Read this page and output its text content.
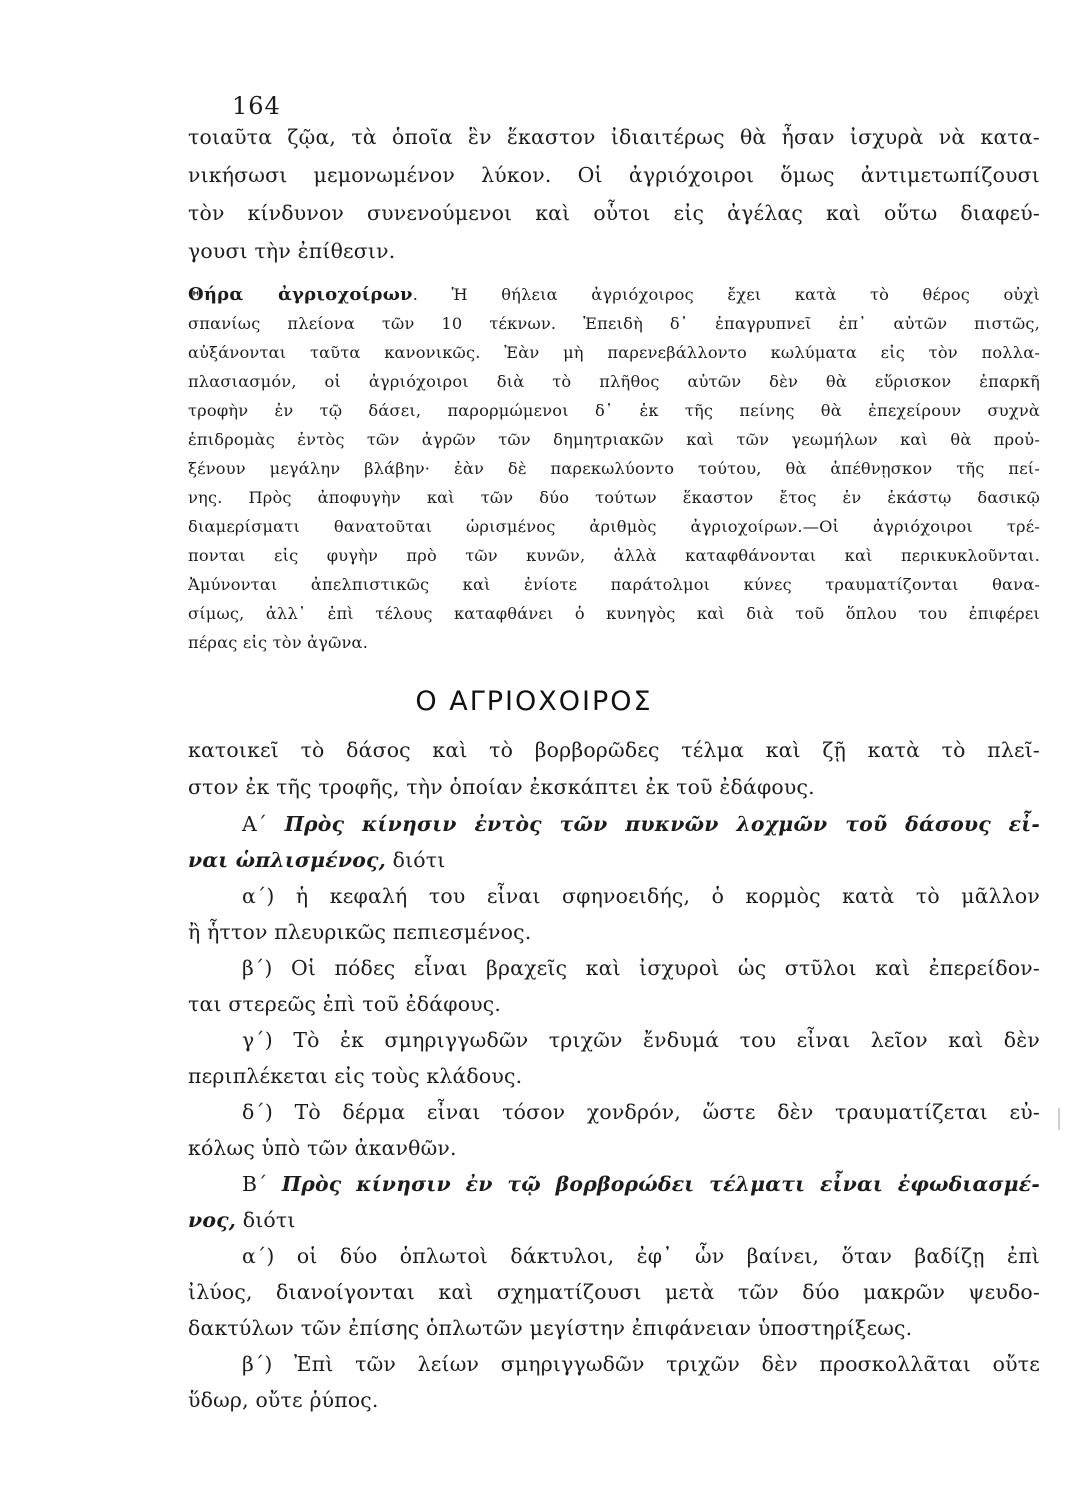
164
τοιαῦτα ζῷα, τὰ ὁποῖα ἓν ἕκαστον ἰδιαιτέρως θὰ ἦσαν ἰσχυρὰ νὰ κατα-
νικήσωσι μεμονωμένον λύκον. Οἱ ἀγριόχοιροι ὅμως ἀντιμετωπίζουσι
τὸν κίνδυνον συνενούμενοι καὶ οὗτοι εἰς ἀγέλας καὶ οὕτω διαφεύ-
γουσι τὴν ἐπίθεσιν.
Θήρα ἀγριοχοίρων. Ἡ θήλεια ἀγριόχοιρος ἔχει κατὰ τὸ θέρος οὐχὶ
σπανίως πλείονα τῶν 10 τέκνων. Ἐπειδὴ δ᾽ ἐπαγρυπνεῖ ἐπ᾽ αὐτῶν πιστῶς,
αὐξάνονται ταῦτα κανονικῶς. Ἐὰν μὴ παρενεβάλλοντο κωλύματα εἰς τὸν πολλα-
πλασιασμόν, οἱ ἀγριόχοιροι διὰ τὸ πλῆθος αὐτῶν δὲν θὰ εὕρισκον ἐπαρκῆ
τροφὴν ἐν τῷ δάσει, παρορμώμενοι δ᾽ ἐκ τῆς πείνης θὰ ἐπεχείρουν συχνὰ
ἐπιδρομὰς ἐντὸς τῶν ἀγρῶν τῶν δημητριακῶν καὶ τῶν γεωμήλων καὶ θὰ προὐ-
ξένουν μεγάλην βλάβην· ἐὰν δὲ παρεκωλύοντο τούτου, θὰ ἀπέθνῃσκον τῆς πεί-
νης. Πρὸς ἀποφυγὴν καὶ τῶν δύο τούτων ἕκαστον ἔτος ἐν ἑκάστῳ δασικῷ
διαμερίσματι θανατοῦται ὡρισμένος ἀριθμὸς ἀγριοχοίρων.—Οἱ ἀγριόχοιροι τρέ-
πονται εἰς φυγὴν πρὸ τῶν κυνῶν, ἀλλὰ καταφθάνονται καὶ περικυκλοῦνται.
Ἀμύνονται ἀπελπιστικῶς καὶ ἐνίοτε παράτολμοι κύνες τραυματίζονται θανα-
σίμως, ἀλλ᾽ ἐπὶ τέλους καταφθάνει ὁ κυνηγὸς καὶ διὰ τοῦ ὅπλου του ἐπιφέρει
πέρας εἰς τὸν ἀγῶνα.
Ο ΑΓΡΙΟΧΟΙΡΟΣ
κατοικεῖ τὸ δάσος καὶ τὸ βορβορῶδες τέλμα καὶ ζῇ κατὰ τὸ πλεῖ-
στον ἐκ τῆς τροφῆς, τὴν ὁποίαν ἐκσκάπτει ἐκ τοῦ ἐδάφους.
Α΄ Πρὸς κίνησιν ἐντὸς τῶν πυκνῶν λοχμῶν τοῦ δάσους εἶ-
ναι ὡπλισμένος, διότι
α΄) ἡ κεφαλή του εἶναι σφηνοειδής, ὁ κορμὸς κατὰ τὸ μᾶλλον
ἢ ἧττον πλευρικῶς πεπιεσμένος.
β΄) Οἱ πόδες εἶναι βραχεῖς καὶ ἰσχυροὶ ὡς στῦλοι καὶ ἐπερείδον-
ται στερεῶς ἐπὶ τοῦ ἐδάφους.
γ΄) Τὸ ἐκ σμηριγγωδῶν τριχῶν ἔνδυμά του εἶναι λεῖον καὶ δὲν
περιπλέκεται εἰς τοὺς κλάδους.
δ΄) Τὸ δέρμα εἶναι τόσον χονδρόν, ὥστε δὲν τραυματίζεται εὐ-
κόλως ὑπὸ τῶν ἀκανθῶν.
Β΄ Πρὸς κίνησιν ἐν τῷ βορβορώδει τέλματι εἶναι ἐφωδιασμέ-
νος, διότι
α΄) οἱ δύο ὁπλωτοὶ δάκτυλοι, ἐφ᾽ ὧν βαίνει, ὅταν βαδίζῃ ἐπὶ
ἰλύος, διανοίγονται καὶ σχηματίζουσι μετὰ τῶν δύο μακρῶν ψευδο-
δακτύλων τῶν ἐπίσης ὁπλωτῶν μεγίστην ἐπιφάνειαν ὑποστηρίξεως.
β΄) Ἐπὶ τῶν λείων σμηριγγωδῶν τριχῶν δὲν προσκολλᾶται οὔτε
ὕδωρ, οὔτε ῥύπος.
